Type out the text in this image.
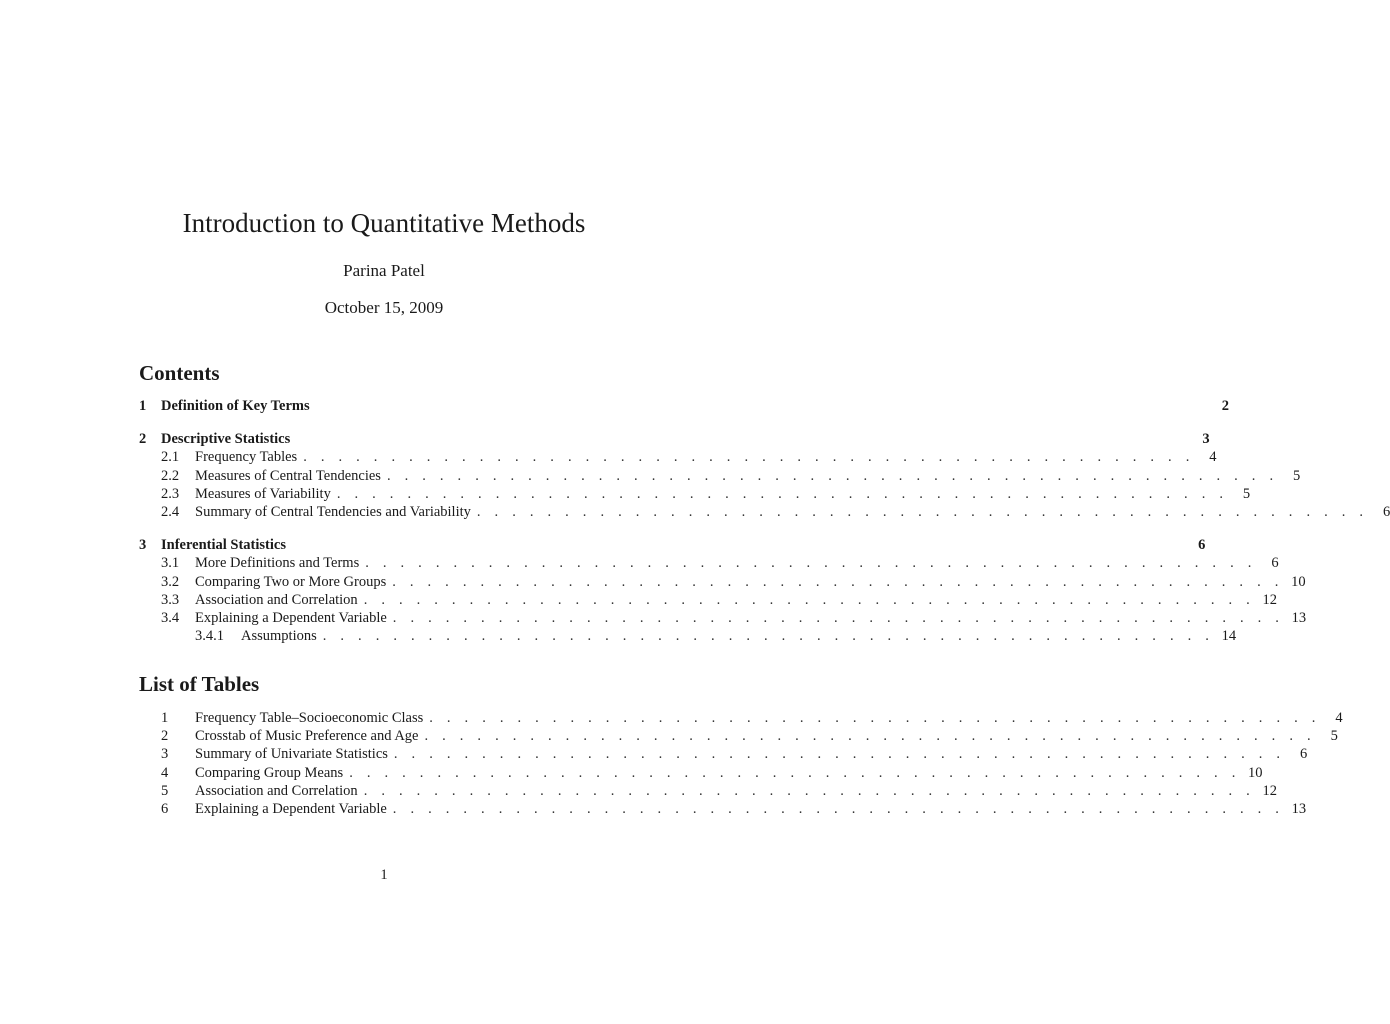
Introduction to Quantitative Methods
Parina Patel
October 15, 2009
Contents
1	Definition of Key Terms	2
2	Descriptive Statistics	3
2.1	Frequency Tables . . . . . . . . . . . . . . . . . . . . . . . . . . . . . . . . . . . . . . . . . . . . . . . . . . .	4
2.2	Measures of Central Tendencies . . . . . . . . . . . . . . . . . . . . . . . . . . . . . . . . . . . . . . . . . . . . . . . . . . .	5
2.3	Measures of Variability . . . . . . . . . . . . . . . . . . . . . . . . . . . . . . . . . . . . . . . . . . . . . . . . . . .	5
2.4	Summary of Central Tendencies and Variability . . . . . . . . . . . . . . . . . . . . . . . . . . . . . . . . . . . . . . . . . . . . . . . . . . .	6
3	Inferential Statistics	6
3.1	More Definitions and Terms . . . . . . . . . . . . . . . . . . . . . . . . . . . . . . . . . . . . . . . . . . . . . . . . . . .	6
3.2	Comparing Two or More Groups . . . . . . . . . . . . . . . . . . . . . . . . . . . . . . . . . . . . . . . . . . . . . . . . . . . 10
3.3	Association and Correlation . . . . . . . . . . . . . . . . . . . . . . . . . . . . . . . . . . . . . . . . . . . . . . . . . . . 12
3.4	Explaining a Dependent Variable . . . . . . . . . . . . . . . . . . . . . . . . . . . . . . . . . . . . . . . . . . . . . . . . . . . 13
3.4.1	Assumptions . . . . . . . . . . . . . . . . . . . . . . . . . . . . . . . . . . . . . . . . . . . . . . . . . . . 14
List of Tables
1	Frequency Table–Socioeconomic Class . . . . . . . . . . . . . . . . . . . . . . . . . . . . . . . . . . . . . . . . . . . . . . . . . . .	4
2	Crosstab of Music Preference and Age . . . . . . . . . . . . . . . . . . . . . . . . . . . . . . . . . . . . . . . . . . . . . . . . . . .	5
3	Summary of Univariate Statistics . . . . . . . . . . . . . . . . . . . . . . . . . . . . . . . . . . . . . . . . . . . . . . . . . . .	6
4	Comparing Group Means . . . . . . . . . . . . . . . . . . . . . . . . . . . . . . . . . . . . . . . . . . . . . . . . . . . 10
5	Association and Correlation . . . . . . . . . . . . . . . . . . . . . . . . . . . . . . . . . . . . . . . . . . . . . . . . . . . 12
6	Explaining a Dependent Variable . . . . . . . . . . . . . . . . . . . . . . . . . . . . . . . . . . . . . . . . . . . . . . . . . . . 13
1
